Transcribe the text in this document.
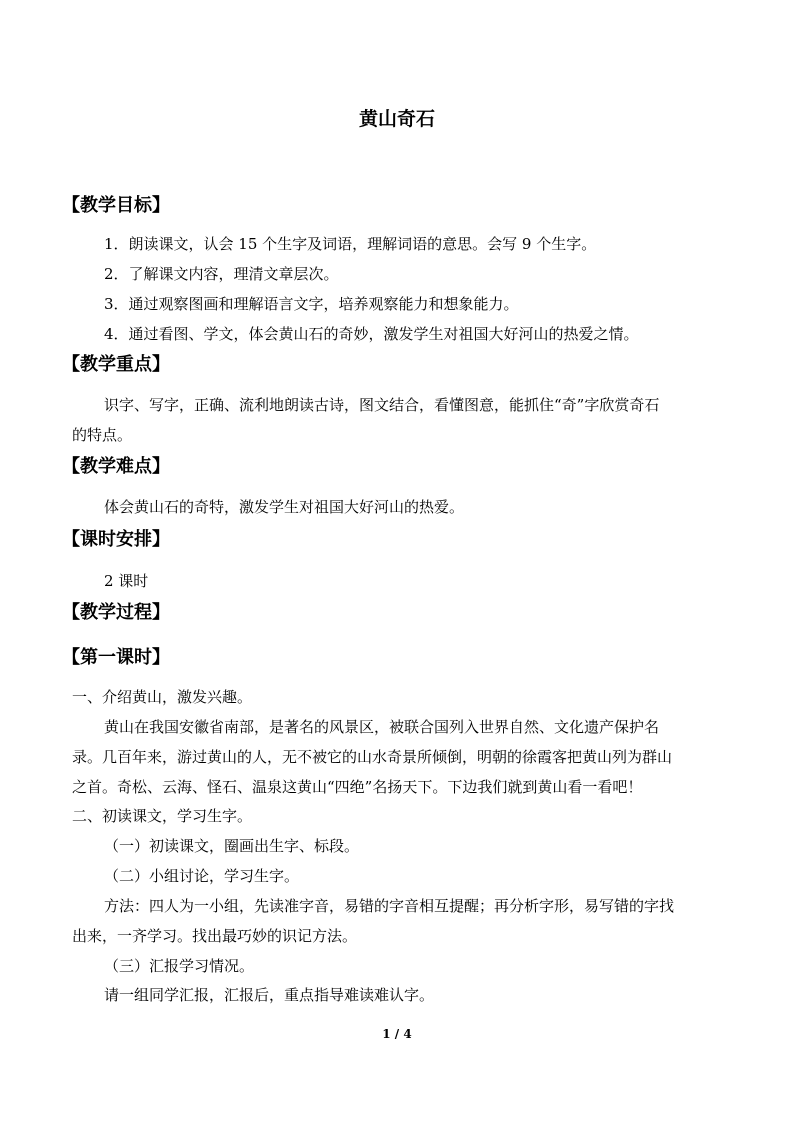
黄山奇石
【教学目标】
1．朗读课文，认会 15 个生字及词语，理解词语的意思。会写 9 个生字。
2．了解课文内容，理清文章层次。
3．通过观察图画和理解语言文字，培养观察能力和想象能力。
4．通过看图、学文，体会黄山石的奇妙，激发学生对祖国大好河山的热爱之情。
【教学重点】
识字、写字，正确、流利地朗读古诗，图文结合，看懂图意，能抓住“奇”字欣赏奇石
的特点。
【教学难点】
体会黄山石的奇特，激发学生对祖国大好河山的热爱。
【课时安排】
2 课时
【教学过程】
【第一课时】
一、介绍黄山，激发兴趣。
黄山在我国安徽省南部，是著名的风景区，被联合国列入世界自然、文化遗产保护名
录。几百年来，游过黄山的人，无不被它的山水奇景所倾倒，明朝的徐霞客把黄山列为群山
之首。奇松、云海、怪石、温泉这黄山“四绝”名扬天下。下边我们就到黄山看一看吧！
二、初读课文，学习生字。
（一）初读课文，圈画出生字、标段。
（二）小组讨论，学习生字。
方法：四人为一小组，先读准字音，易错的字音相互提醒；再分析字形，易写错的字找
出来，一齐学习。找出最巧妙的识记方法。
（三）汇报学习情况。
请一组同学汇报，汇报后，重点指导难读难认字。
1 / 4
